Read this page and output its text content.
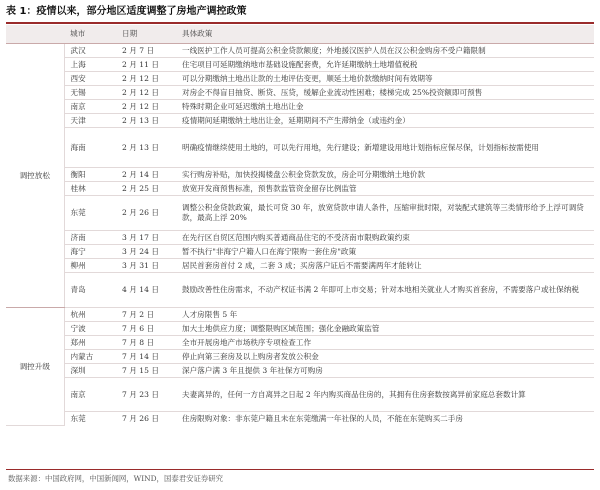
表 1：疫情以来，部分地区适度调整了房地产调控政策
	城市	日期	具体政策
调控放松	武汉	2 月 7 日	一线医护工作人员可提高公积金贷款额度；外地援汉医护人员在汉公积金购房不受户籍限制
	上海	2 月 11 日	住宅项目可延期缴纳地市基础设施配套费，允许延期缴纳土地增值税税
	西安	2 月 12 日	可以分期缴纳土地出让款的土地评估变更，顺延土地价款缴纳时间有效期等
	无锡	2 月 12 日	对房企不得盲目抽贷、断贷、压贷，缓解企业流动性困难；楼梯完成 25%投资额即可预售
	南京	2 月 12 日	特殊时期企业可延迟缴纳土地出让金
	天津	2 月 13 日	疫情期间延期缴纳土地出让金，延期期间不产生滞纳金（或违约金）
	海南	2 月 13 日	明确疫情继续使用土地的，可以先行用地，先行建设；新增建设用地计划指标应保尽保，计划指标按需使用
	衡阳	2 月 14 日	实行购房补贴，加快投揭楼盘公积金贷款发放，房企可分期缴纳土地价款
	桂林	2 月 25 日	放宽开发商预售标准，预售款监管资金留存比例监管
	东莞	2 月 26 日	调整公积金贷款政策，最长可贷 30 年，放宽贷款申请人条件，压缩审批时限，对装配式建筑等三类情形给予上浮可调贷款，最高上浮 20%
	济南	3 月 17 日	在先行区自贸区范围内购买普通商品住宅的不受济南市限购政策约束
	海宁	3 月 24 日	暂不执行"非海宁户籍人口在海宁限购一套住房"政策
	柳州	3 月 31 日	居民首套房首付 2 成，二套 3 成；买房落户证后不需要满两年才能转让
	青岛	4 月 14 日	鼓励改善性住房需求，不动产权证书满 2 年即可上市交易；针对本地相关就业人才购买首套房，不需要落户或社保纳税
调控升级	杭州	7 月 2 日	人才房限售 5 年
	宁波	7 月 6 日	加大土地供应力度；调整限购区域范围；强化金融政策监管
	郑州	7 月 8 日	全市开展房地产市场秩序专项检查工作
	内蒙古	7 月 14 日	停止向第三套房及以上购房者发放公积金
	深圳	7 月 15 日	深户落户满 3 年且提供 3 年社保方可购房
	南京	7 月 23 日	夫妻离异的，任何一方自离异之日起 2 年内购买商品住房的，其拥有住房套数按离异前家庭总套数计算
	东莞	7 月 26 日	住房限购对象：非东莞户籍且未在东莞缴满一年社保的人员，不能在东莞购买二手房
数据来源：中国政府网，中国新闻网，WIND，国泰君安证券研究
